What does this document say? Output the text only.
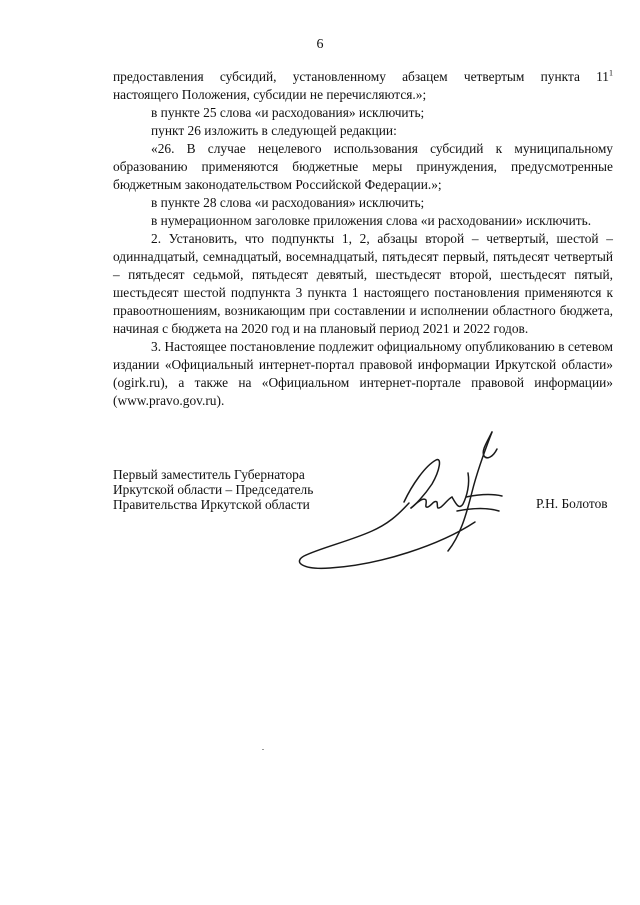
6

предоставления субсидий, установленному абзацем четвертым пункта $11^1$

настоящего Положения, субсидии не перечисляются.»;

в пункте 25 слова «и расходования» исключить;

пункт 26 изложить в следующей редакции:

«26. В случае нецелевого использования субсидий к муниципальному образованию применяются бюджетные меры принуждения, предусмотренные бюджетным законодательством Российской Федерации.»;

в пункте 28 слова «и расходования» исключить;

в нумерационном заголовке приложения слова «и расходовании» исключить.

2. Установить, что подпункты 1, 2, абзацы второй – четвертый, шестой – одиннадцатый, семнадцатый, восемнадцатый, пятьдесят первый, пятьдесят четвертый – пятьдесят седьмой, пятьдесят девятый, шестьдесят второй, шестьдесят пятый, шестьдесят шестой подпункта 3 пункта 1 настоящего постановления применяются к правоотношениям, возникающим при составлении и исполнении областного бюджета, начиная с бюджета на 2020 год и на плановый период 2021 и 2022 годов.

3. Настоящее постановление подлежит официальному опубликованию в сетевом издании «Официальный интернет-портал правовой информации Иркутской области» (ogirk.ru), а также на «Официальном интернет-портале правовой информации» (www.pravo.gov.ru).

Первый заместитель Губернатора
Иркутской области – Председатель
Правительства Иркутской области	Р.Н. Болотов
